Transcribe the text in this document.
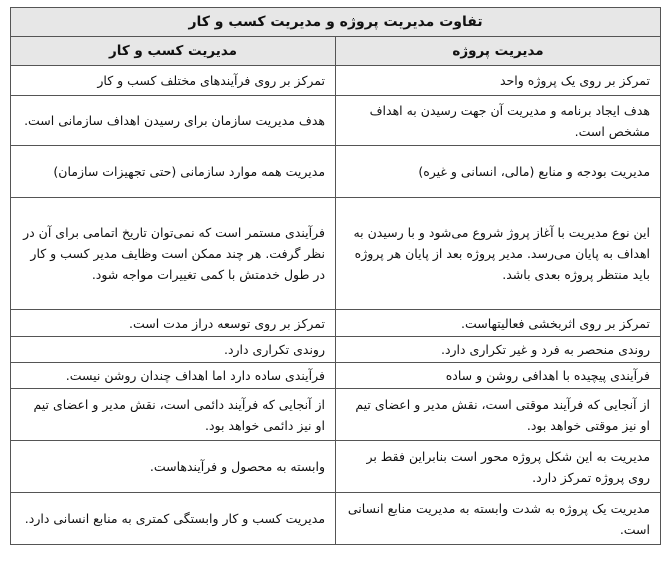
تفاوت مدیریت پروژه و مدیریت کسب و کار	
مدیریت پروژه	مدیریت کسب و کار
تمرکز بر روی یک پروژه واحد	تمرکز بر روی فرآیندهای مختلف کسب و کار
هدف ایجاد برنامه و مدیریت آن جهت رسیدن به اهداف مشخص است.	هدف مدیریت سازمان برای رسیدن اهداف سازمانی است.
مدیریت بودجه و منابع (مالی، انسانی و غیره)	مدیریت همه موارد سازمانی (حتی تجهیزات سازمان)
این نوع مدیریت با آغاز پروژ شروع می‌شود و با رسیدن به اهداف به پایان می‌رسد. مدیر پروژه بعد از پایان هر پروژه باید منتظر پروژه بعدی باشد.	فرآیندی مستمر است که نمی‌توان تاریخ اتمامی برای آن در نظر گرفت. هر چند ممکن است وظایف مدیر کسب و کار در طول خدمتش با کمی تغییرات مواجه شود.
تمرکز بر روی اثربخشی فعالیتهاست.	تمرکز بر روی توسعه دراز مدت است.
روندی منحصر به فرد و غیر تکراری دارد.	روندی تکراری دارد.
فرآیندی پیچیده با اهدافی روشن و ساده	فرآیندی ساده دارد اما اهداف چندان روشن نیست.
از آنجایی که فرآیند موقتی است، نقش مدیر و اعضای تیم او نیز موقتی خواهد بود.	از آنجایی که فرآیند دائمی است، نقش مدیر و اعضای تیم او نیز دائمی خواهد بود.
مدیریت به این شکل پروژه محور است بنابراین فقط بر روی پروژه تمرکز دارد.	وابسته به محصول و فرآیندهاست.
مدیریت یک پروژه به شدت وابسته به مدیریت منابع انسانی است.	مدیریت کسب و کار وابستگی کمتری به منابع انسانی دارد.
